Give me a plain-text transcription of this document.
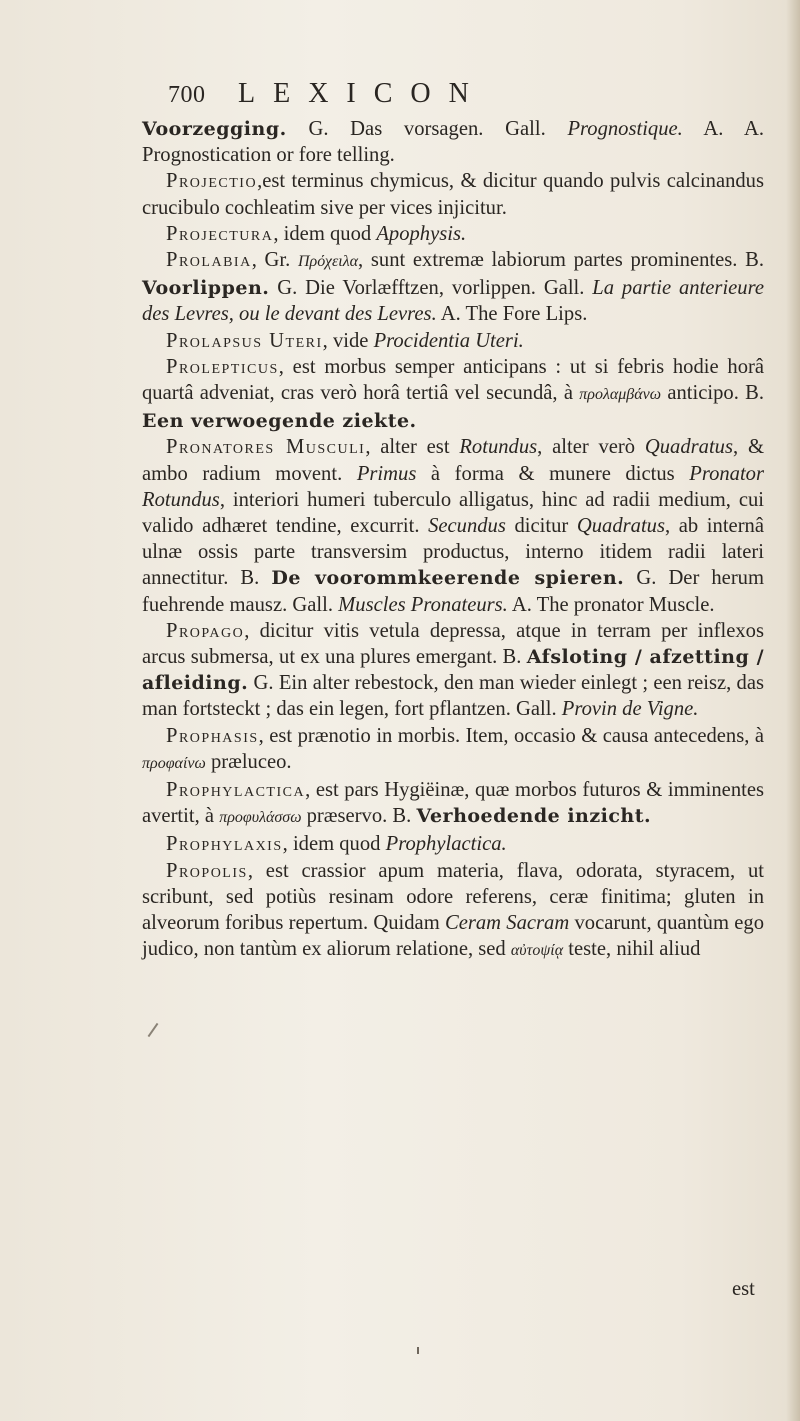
700 LEXICON

Voorzegging. G. Das vorsagen. Gall. Prognostique. A. A. Prognostication or fore telling.

Projectio,est terminus chymicus, & dicitur quando pulvis calcinandus crucibulo cochleatim sive per vices injicitur.

Projectura, idem quod Apophysis.

Prolabia, Gr. Πρόχειλα, sunt extremæ labiorum partes prominentes. B. Voorlippen. G. Die Vorlæfftzen, vorlippen. Gall. La partie anterieure des Levres, ou le devant des Levres. A. The Fore Lips.

Prolapsus Uteri, vide Procidentia Uteri.

Prolepticus, est morbus semper anticipans : ut si febris hodie horâ quartâ adveniat, cras verò horâ tertiâ vel secundâ, à προλαμβάνω anticipo. B. Een verwoegende ziekte.

Pronatores Musculi, alter est Rotundus, alter verò Quadratus, & ambo radium movent. Primus à forma & munere dictus Pronator Rotundus, interiori humeri tuberculo alligatus, hinc ad radii medium, cui valido adhæret tendine, excurrit. Secundus dicitur Quadratus, ab internâ ulnæ ossis parte transversim productus, interno itidem radii lateri annectitur. B. De voorommkeerende spieren. G. Der herum fuehrende mausz. Gall. Muscles Pronateurs. A. The pronator Muscle.

Propago, dicitur vitis vetula depressa, atque in terram per inflexos arcus submersa, ut ex una plures emergant. B. Afsloting / afzetting / afleiding. G. Ein alter rebestock, den man wieder einlegt ; een reisz, das man fortsteckt ; das ein legen, fort pflantzen. Gall. Provin de Vigne.

Prophasis, est prænotio in morbis. Item, occasio & causa antecedens, à προφαίνω præluceo.

Prophylactica, est pars Hygiëinæ, quæ morbos futuros & imminentes avertit, à προφυλάσσω præservo. B. Verhoedende inzicht.

Prophylaxis, idem quod Prophylactica.

Propolis, est crassior apum materia, flava, odorata, styracem, ut scribunt, sed potiùs resinam odore referens, ceræ finitima; gluten in alveorum foribus repertum. Quidam Ceram Sacram vocarunt, quantùm ego judico, non tantùm ex aliorum relatione, sed αὐτοψίᾳ teste, nihil aliud

est
